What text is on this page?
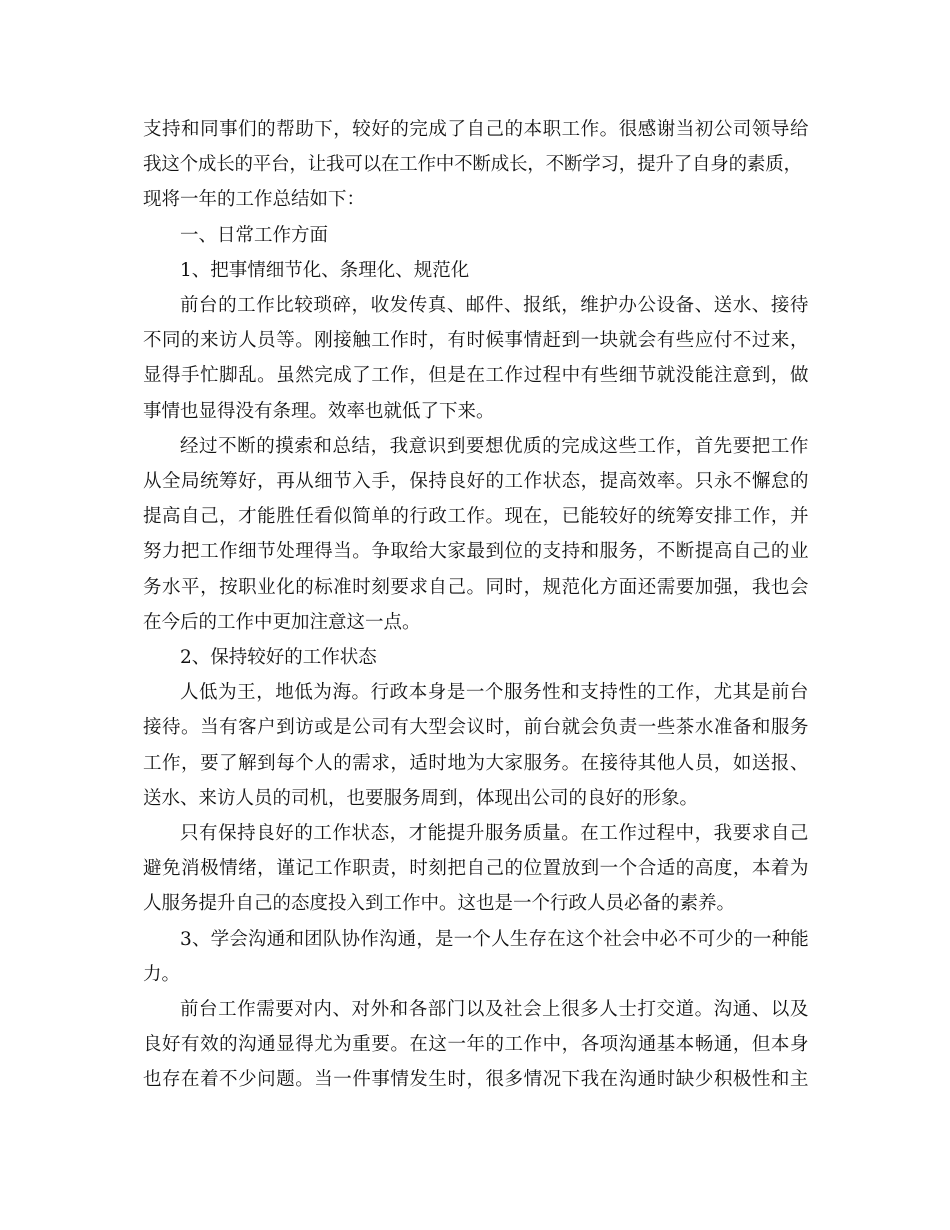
支持和同事们的帮助下，较好的完成了自己的本职工作。很感谢当初公司领导给
我这个成长的平台，让我可以在工作中不断成长，不断学习，提升了自身的素质，
现将一年的工作总结如下：
一、日常工作方面
1、把事情细节化、条理化、规范化
前台的工作比较琐碎，收发传真、邮件、报纸，维护办公设备、送水、接待
不同的来访人员等。刚接触工作时，有时候事情赶到一块就会有些应付不过来，
显得手忙脚乱。虽然完成了工作，但是在工作过程中有些细节就没能注意到，做
事情也显得没有条理。效率也就低了下来。
经过不断的摸索和总结，我意识到要想优质的完成这些工作，首先要把工作
从全局统筹好，再从细节入手，保持良好的工作状态，提高效率。只永不懈怠的
提高自己，才能胜任看似简单的行政工作。现在，已能较好的统筹安排工作，并
努力把工作细节处理得当。争取给大家最到位的支持和服务，不断提高自己的业
务水平，按职业化的标准时刻要求自己。同时，规范化方面还需要加强，我也会
在今后的工作中更加注意这一点。
2、保持较好的工作状态
人低为王，地低为海。行政本身是一个服务性和支持性的工作，尤其是前台
接待。当有客户到访或是公司有大型会议时，前台就会负责一些茶水准备和服务
工作，要了解到每个人的需求，适时地为大家服务。在接待其他人员，如送报、
送水、来访人员的司机，也要服务周到，体现出公司的良好的形象。
只有保持良好的工作状态，才能提升服务质量。在工作过程中，我要求自己
避免消极情绪，谨记工作职责，时刻把自己的位置放到一个合适的高度，本着为
人服务提升自己的态度投入到工作中。这也是一个行政人员必备的素养。
3、学会沟通和团队协作沟通，是一个人生存在这个社会中必不可少的一种能
力。
前台工作需要对内、对外和各部门以及社会上很多人士打交道。沟通、以及
良好有效的沟通显得尤为重要。在这一年的工作中，各项沟通基本畅通，但本身
也存在着不少问题。当一件事情发生时，很多情况下我在沟通时缺少积极性和主
